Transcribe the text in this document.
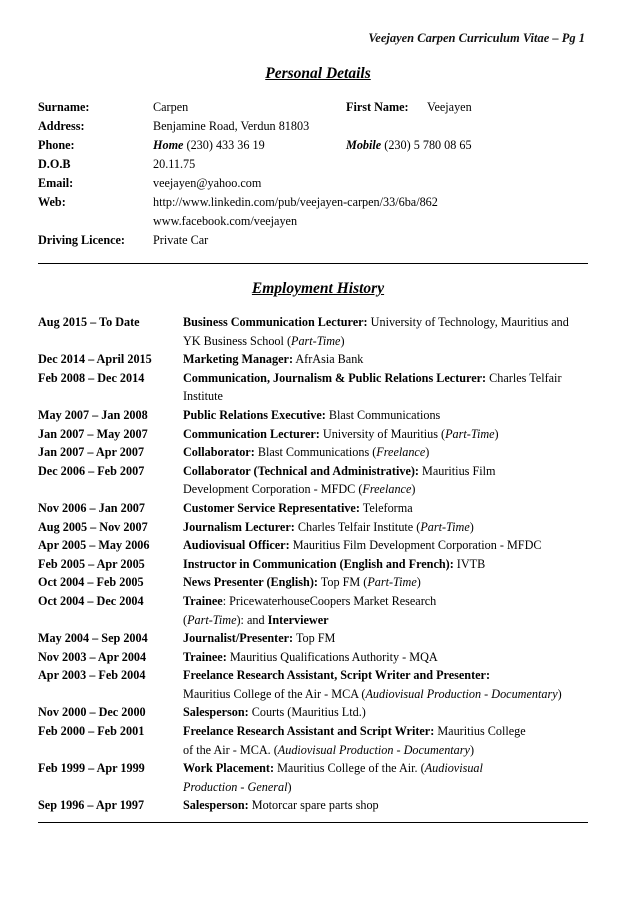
Veejayen Carpen Curriculum Vitae – Pg 1
Personal Details
Surname:	Carpen	First Name: Veejayen
Address:	Benjamine Road, Verdun 81803
Phone:	Home (230) 433 36 19	Mobile (230) 5 780 08 65
D.O.B	20.11.75
Email:	veejayen@yahoo.com
Web:	http://www.linkedin.com/pub/veejayen-carpen/33/6ba/862
www.facebook.com/veejayen
Driving Licence: Private Car
Employment History
Aug 2015 – To Date	Business Communication Lecturer: University of Technology, Mauritius and
YK Business School (Part-Time)
Dec 2014 – April 2015	Marketing Manager: AfrAsia Bank
Feb 2008 – Dec 2014	Communication, Journalism & Public Relations Lecturer: Charles Telfair
Institute
May 2007 – Jan 2008	Public Relations Executive: Blast Communications
Jan 2007 – May 2007	Communication Lecturer: University of Mauritius (Part-Time)
Jan 2007 – Apr 2007	Collaborator: Blast Communications (Freelance)
Dec 2006 – Feb 2007	Collaborator (Technical and Administrative): Mauritius Film
Development Corporation - MFDC (Freelance)
Nov 2006 – Jan 2007	Customer Service Representative: Teleforma
Aug 2005 – Nov 2007	Journalism Lecturer: Charles Telfair Institute (Part-Time)
Apr 2005 – May 2006	Audiovisual Officer: Mauritius Film Development Corporation - MFDC
Feb 2005 – Apr 2005	Instructor in Communication (English and French): IVTB
Oct 2004 – Feb 2005	News Presenter (English): Top FM (Part-Time)
Oct 2004 – Dec 2004	Trainee: PricewaterhouseCoopers Market Research
(Part-Time): and Interviewer
May 2004 – Sep 2004	Journalist/Presenter: Top FM
Nov 2003 – Apr 2004	Trainee: Mauritius Qualifications Authority - MQA
Apr 2003 – Feb 2004	Freelance Research Assistant, Script Writer and Presenter:
Mauritius College of the Air - MCA (Audiovisual Production - Documentary)
Nov 2000 – Dec 2000	Salesperson: Courts (Mauritius Ltd.)
Feb 2000 – Feb 2001	Freelance Research Assistant and Script Writer: Mauritius College
of the Air - MCA. (Audiovisual Production - Documentary)
Feb 1999 – Apr 1999	Work Placement: Mauritius College of the Air. (Audiovisual
Production - General)
Sep 1996 – Apr 1997	Salesperson: Motorcar spare parts shop
